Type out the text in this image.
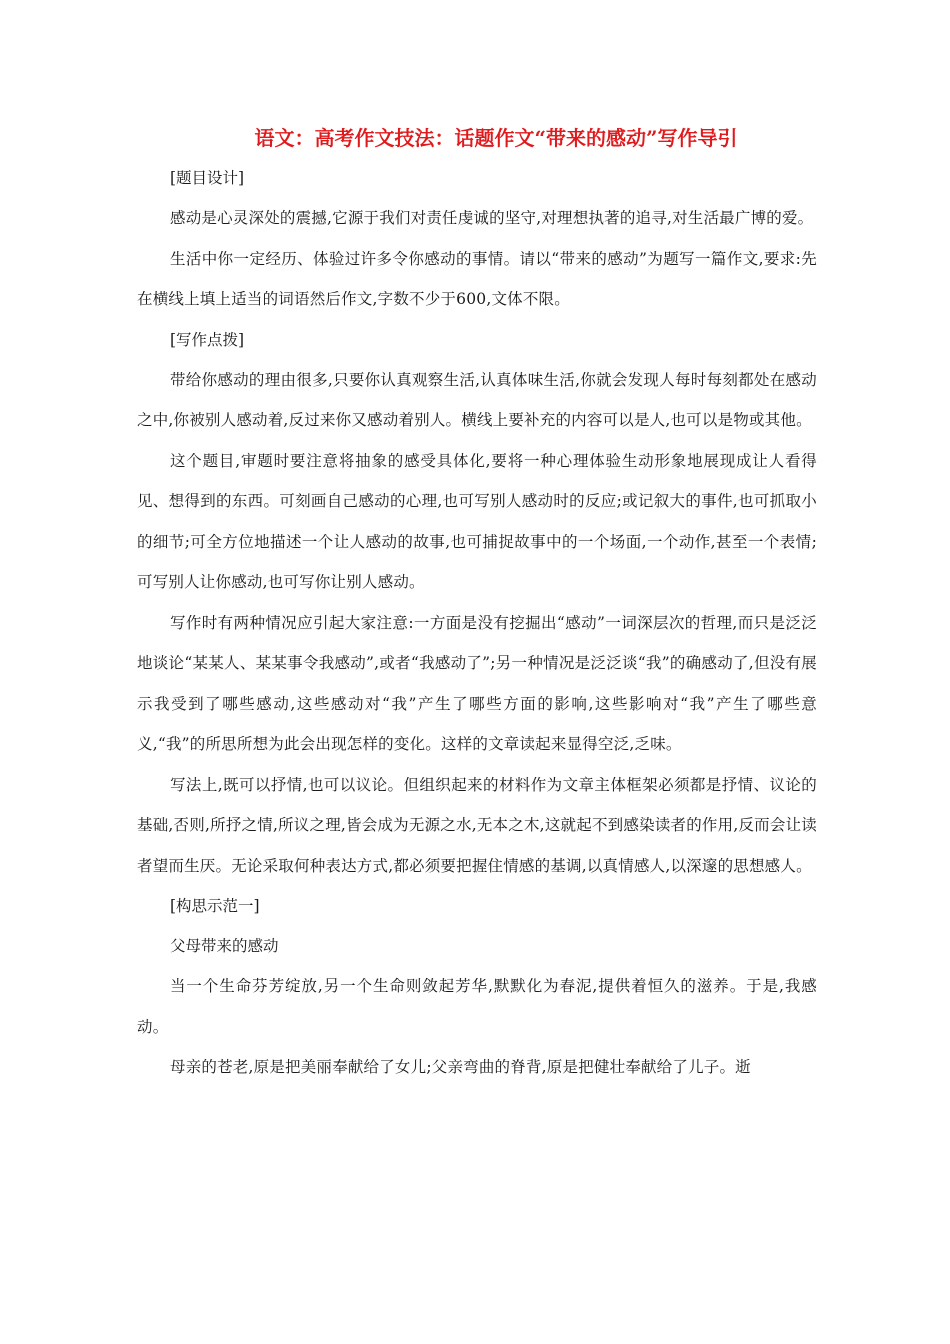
语文：高考作文技法：话题作文“带来的感动”写作导引

[题目设计]

感动是心灵深处的震撼,它源于我们对责任虔诚的坚守,对理想执著的追寻,对生活最广博的爱。

生活中你一定经历、体验过许多令你感动的事情。请以“带来的感动”为题写一篇作文,要求:先在横线上填上适当的词语然后作文,字数不少于600,文体不限。

[写作点拨]

带给你感动的理由很多,只要你认真观察生活,认真体味生活,你就会发现人每时每刻都处在感动之中,你被别人感动着,反过来你又感动着别人。横线上要补充的内容可以是人,也可以是物或其他。

这个题目,审题时要注意将抽象的感受具体化,要将一种心理体验生动形象地展现成让人看得见、想得到的东西。可刻画自己感动的心理,也可写别人感动时的反应;或记叙大的事件,也可抓取小的细节;可全方位地描述一个让人感动的故事,也可捕捉故事中的一个场面,一个动作,甚至一个表情;可写别人让你感动,也可写你让别人感动。

写作时有两种情况应引起大家注意:一方面是没有挖掘出“感动”一词深层次的哲理,而只是泛泛地谈论“某某人、某某事令我感动”,或者“我感动了”;另一种情况是泛泛谈“我”的确感动了,但没有展示我受到了哪些感动,这些感动对“我”产生了哪些方面的影响,这些影响对“我”产生了哪些意义,“我”的所思所想为此会出现怎样的变化。这样的文章读起来显得空泛,乏味。

写法上,既可以抒情,也可以议论。但组织起来的材料作为文章主体框架必须都是抒情、议论的基础,否则,所抒之情,所议之理,皆会成为无源之水,无本之木,这就起不到感染读者的作用,反而会让读者望而生厌。无论采取何种表达方式,都必须要把握住情感的基调,以真情感人,以深邃的思想感人。

[构思示范一]

父母带来的感动

当一个生命芬芳绽放,另一个生命则敛起芳华,默默化为春泥,提供着恒久的滋养。于是,我感动。

母亲的苍老,原是把美丽奉献给了女儿;父亲弯曲的脊背,原是把健壮奉献给了儿子。逝
